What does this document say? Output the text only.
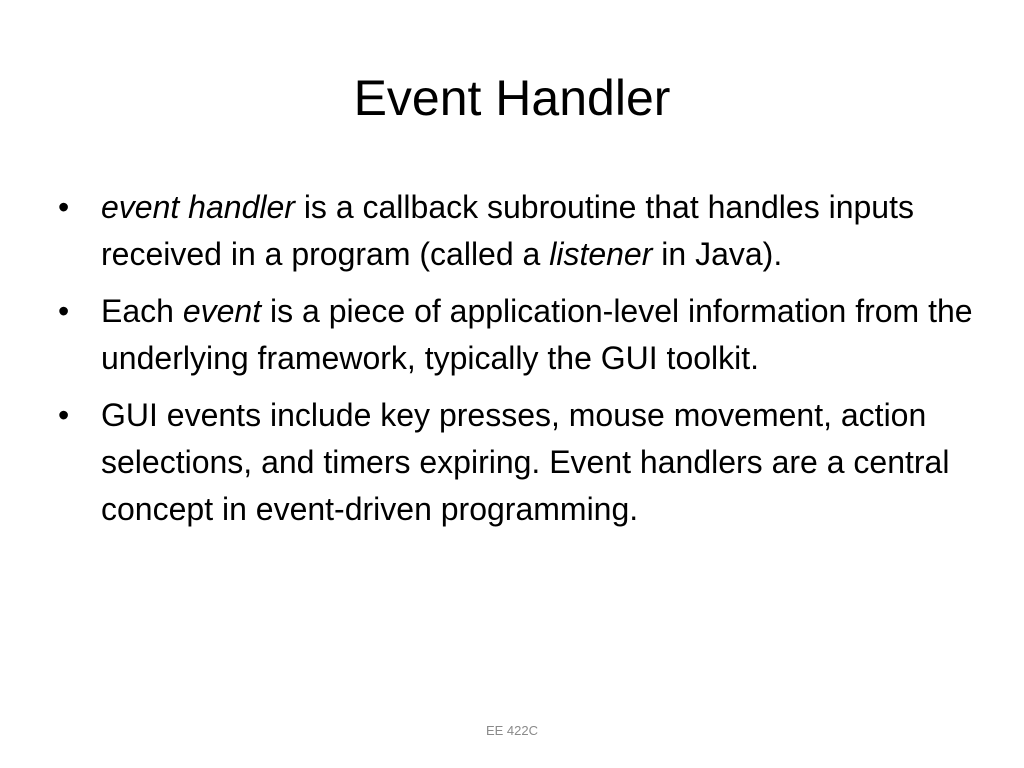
Event Handler
• event handler is a callback subroutine that handles inputs received in a program (called a listener in Java).
• Each event is a piece of application-level information from the underlying framework, typically the GUI toolkit.
• GUI events include key presses, mouse movement, action selections, and timers expiring. Event handlers are a central concept in event-driven programming.
EE 422C
